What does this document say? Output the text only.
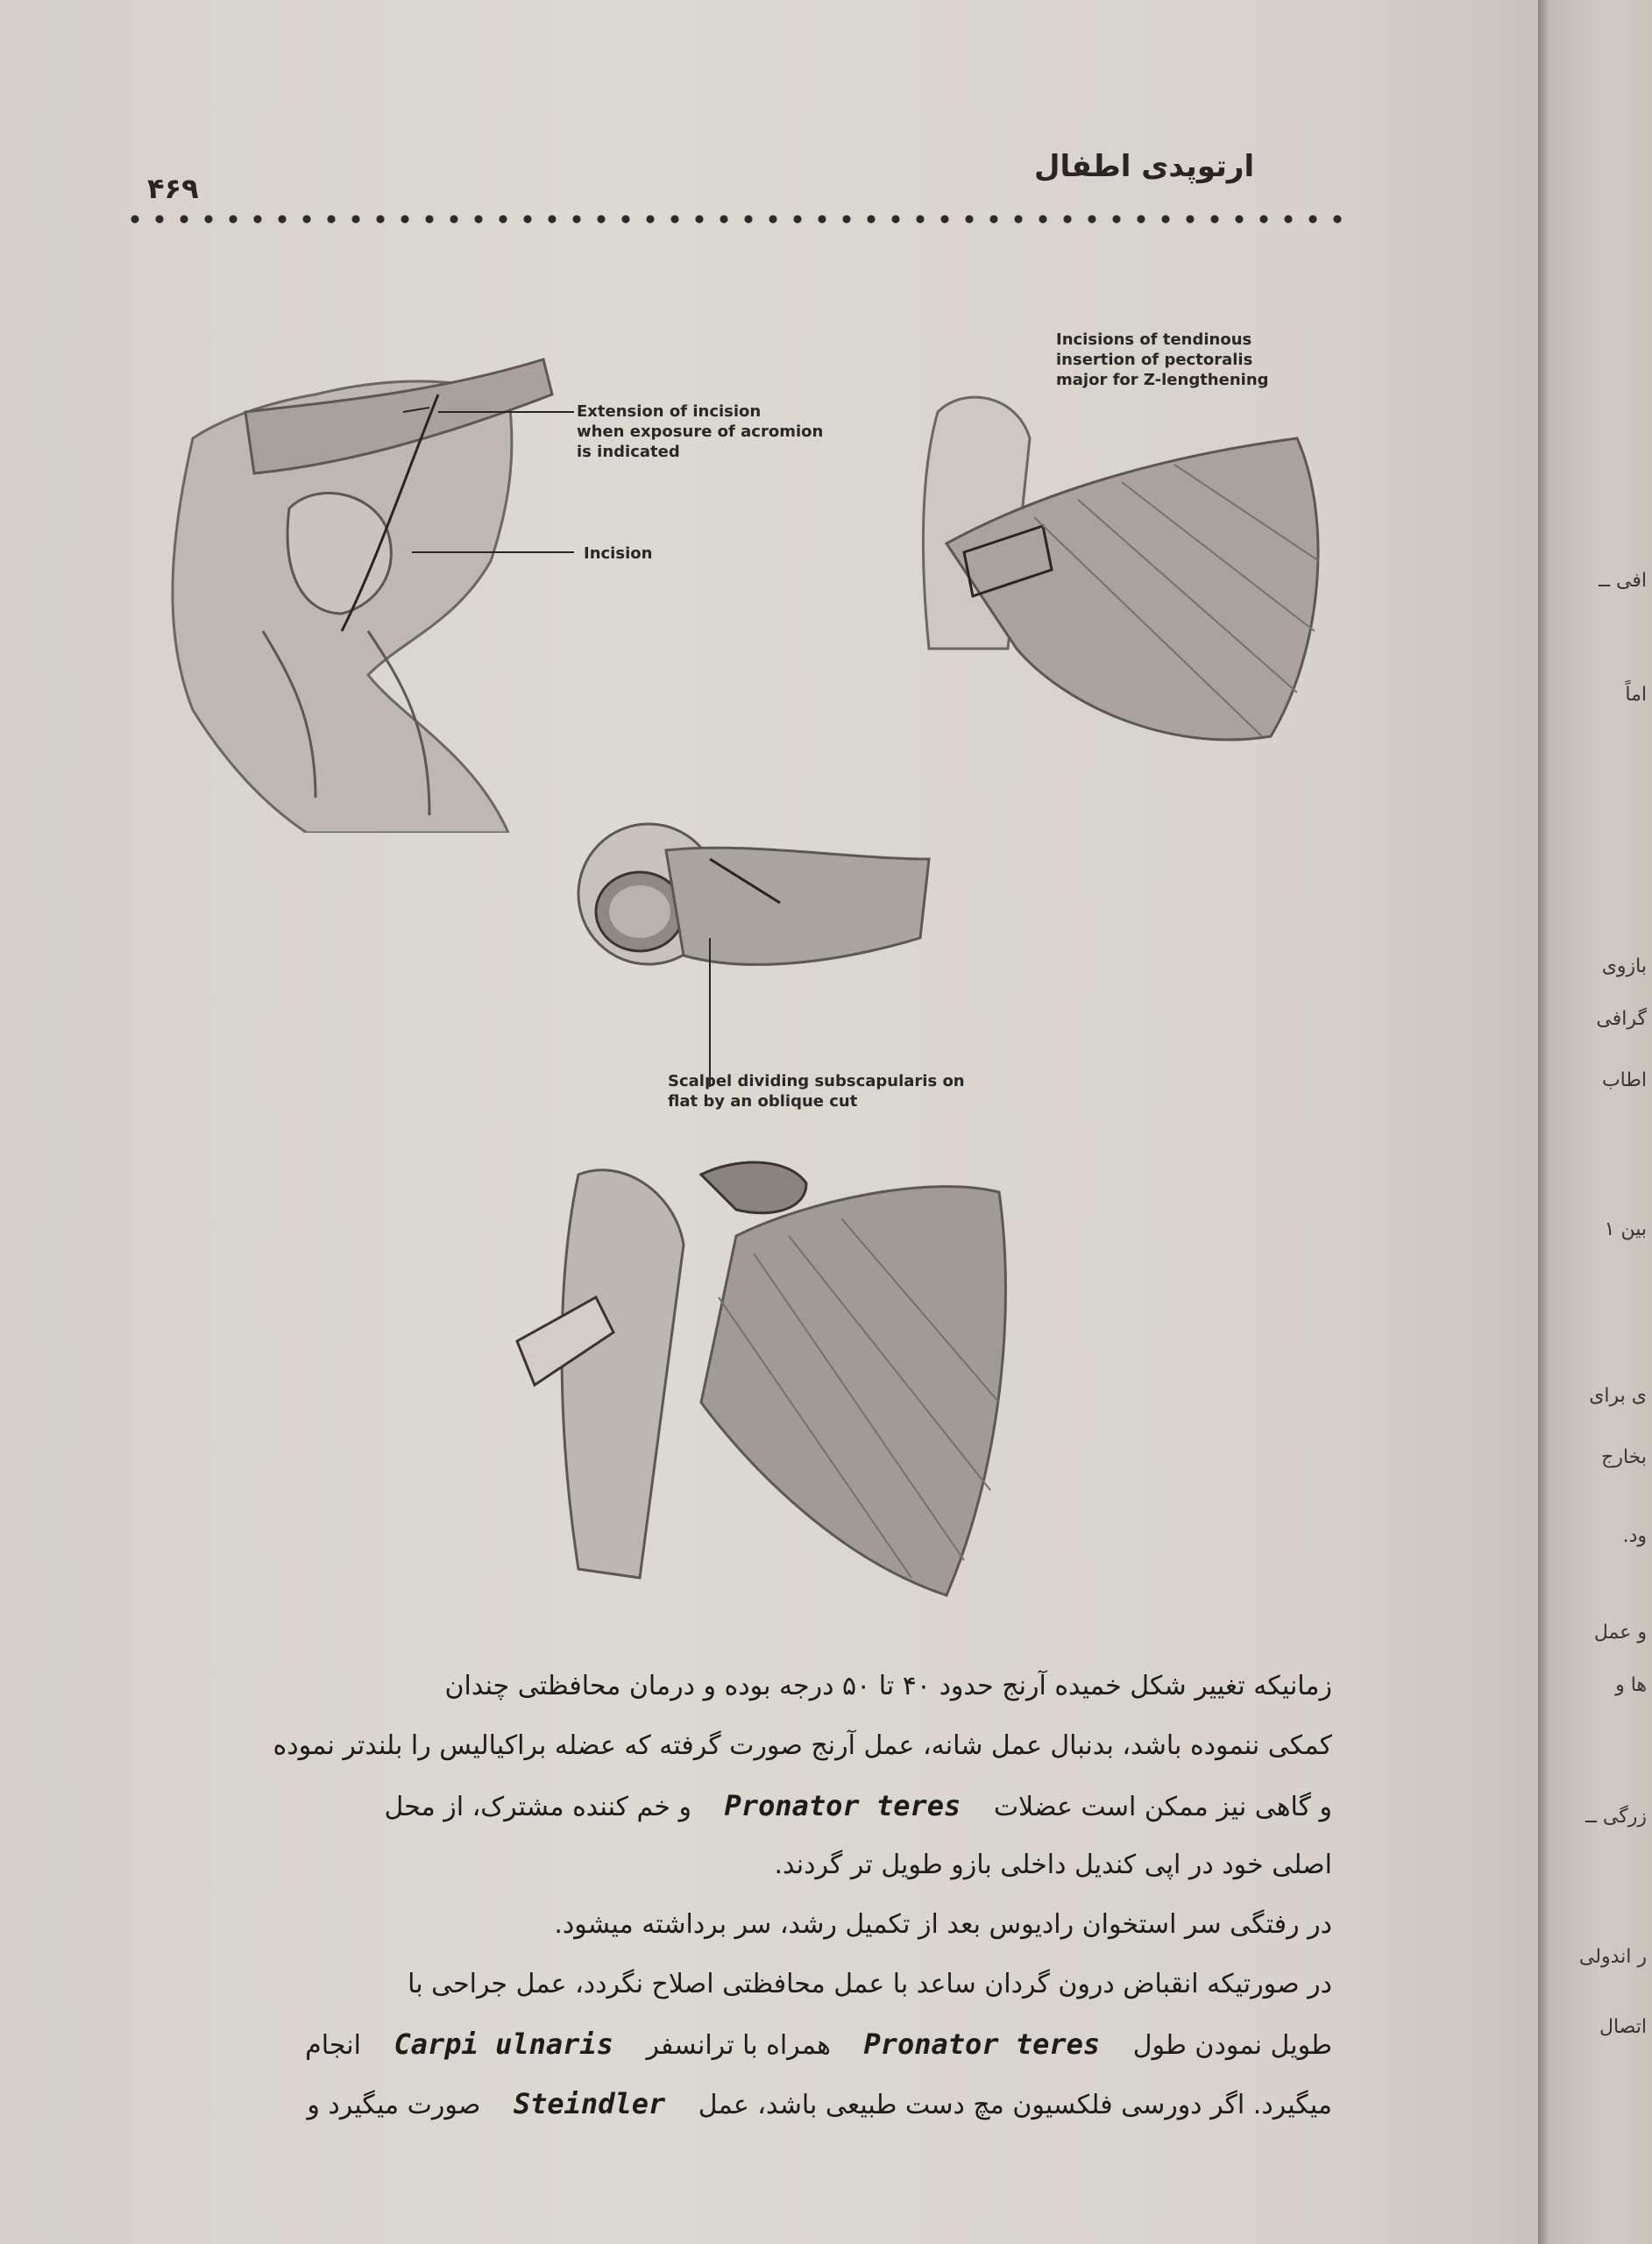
ارتوپدی اطفال
۴۶۹
Extension of incision
when exposure of acromion
is indicated
Incision
Incisions of tendinous
insertion of pectoralis
major for Z-lengthening
Scalpel dividing subscapularis on
flat by an oblique cut
زمانیکه تغییر شکل خمیده آرنج حدود ۴۰ تا ۵۰ درجه بوده و درمان محافظتی چندان
کمکی ننموده باشد، بدنبال عمل شانه، عمل آرنج صورت گرفته که عضله براکیالیس را بلندتر نموده
و گاهی نیز ممکن است عضلات Pronator teres و خم کننده مشترک، از محل
اصلی خود در اپی کندیل داخلی بازو طویل تر گردند.
در رفتگی سر استخوان رادیوس بعد از تکمیل رشد، سر برداشته میشود.
در صورتیکه انقباض درون گردان ساعد با عمل محافظتی اصلاح نگردد، عمل جراحی با
طویل نمودن طول Pronator teres همراه با ترانسفر Carpi ulnaris انجام
میگیرد. اگر دورسی فلکسیون مچ دست طبیعی باشد، عمل Steindler صورت میگیرد و
افی ــ
اماً
بازوی
گرافی
اطاب
بین ۱
ی برای
بخارج
ود.
و عمل
ها و
زرگی ــ
ر اندولی
اتصال
